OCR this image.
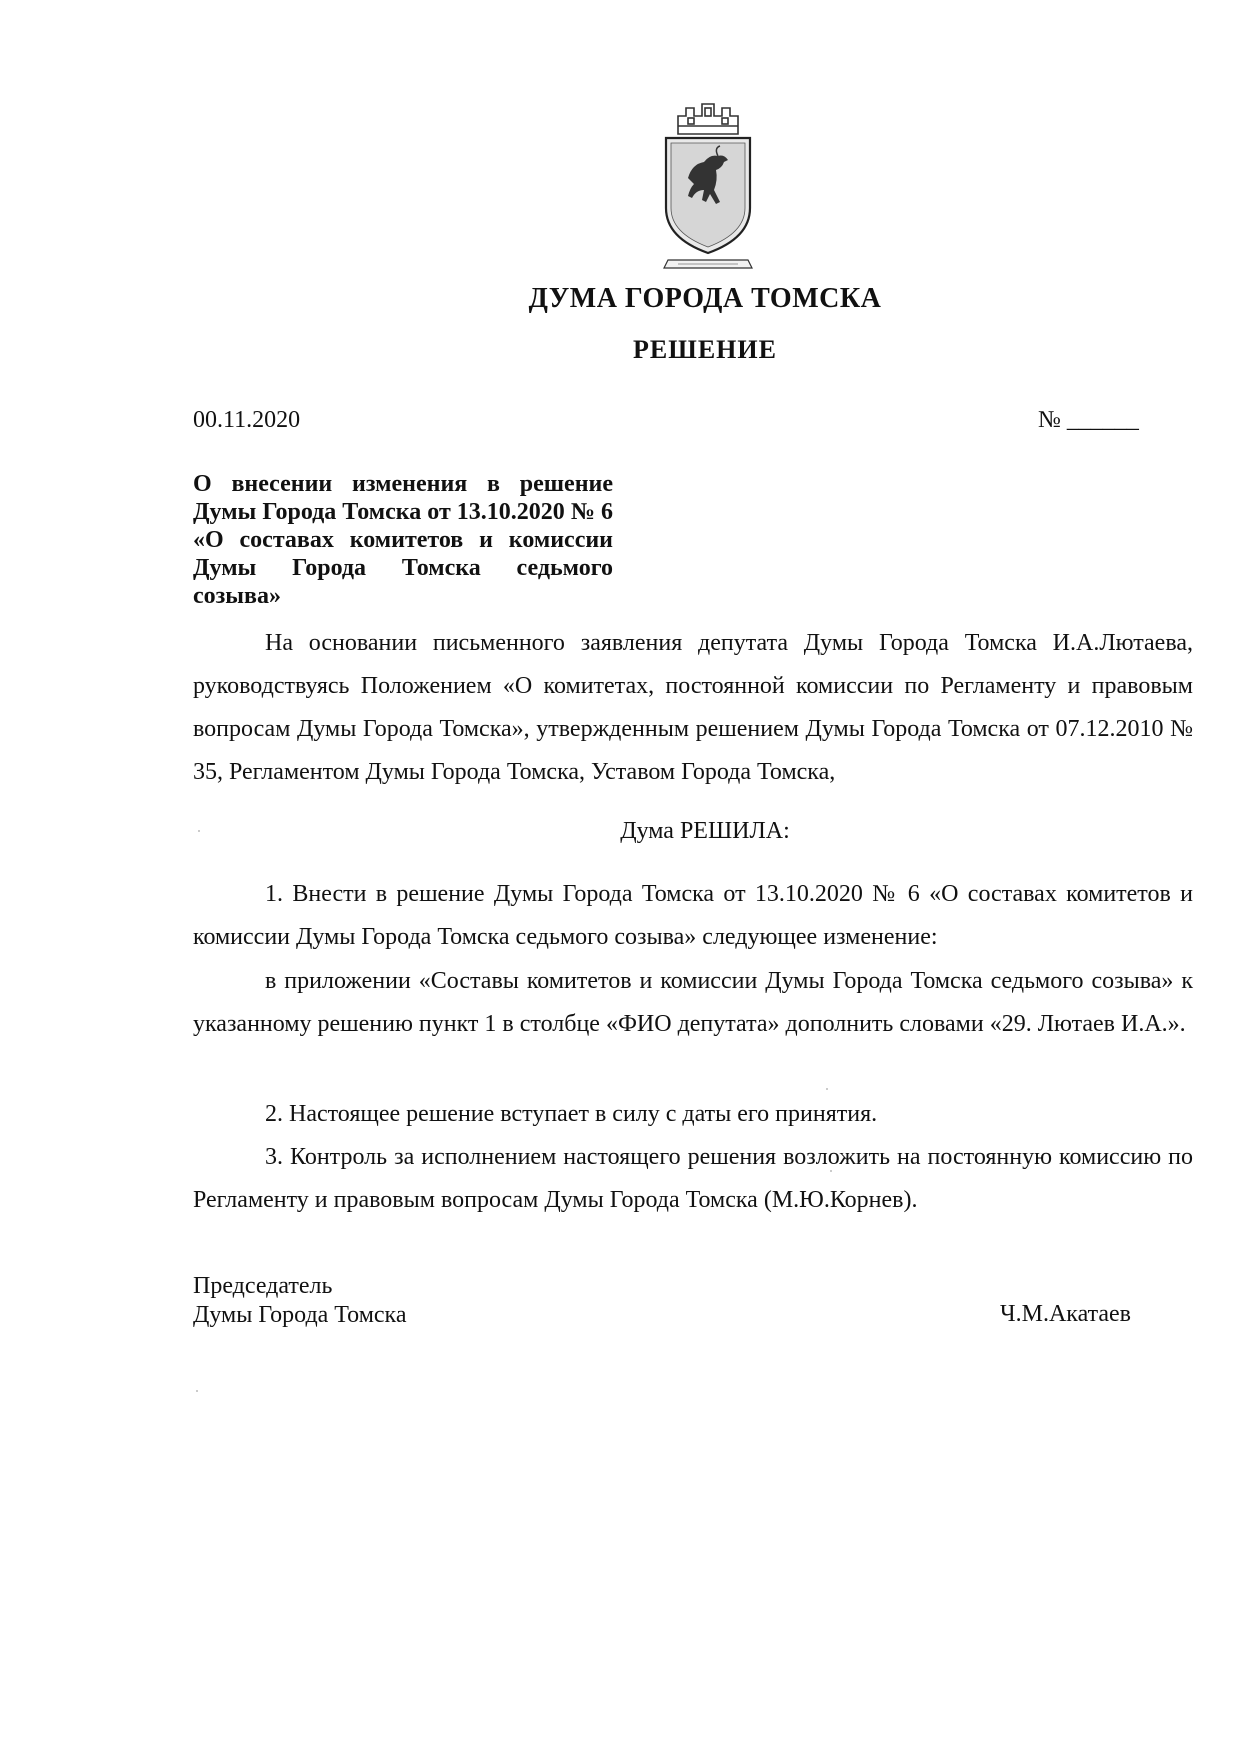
ДУМА ГОРОДА ТОМСКА
РЕШЕНИЕ
00.11.2020	№ ______
О внесении изменения в решение Думы Города Томска от 13.10.2020 № 6 «О составах комитетов и комиссии Думы Города Томска седьмого созыва»
На основании письменного заявления депутата Думы Города Томска И.А.Лютаева, руководствуясь Положением «О комитетах, постоянной комиссии по Регламенту и правовым вопросам Думы Города Томска», утвержденным решением Думы Города Томска от 07.12.2010 № 35, Регламентом Думы Города Томска, Уставом Города Томска,
Дума РЕШИЛА:
1. Внести в решение Думы Города Томска от 13.10.2020 № 6 «О составах комитетов и комиссии Думы Города Томска седьмого созыва» следующее изменение:
в приложении «Составы комитетов и комиссии Думы Города Томска седьмого созыва» к указанному решению пункт 1 в столбце «ФИО депутата» дополнить словами «29. Лютаев И.А.».
2. Настоящее решение вступает в силу с даты его принятия.
3. Контроль за исполнением настоящего решения возложить на постоянную комиссию по Регламенту и правовым вопросам Думы Города Томска (М.Ю.Корнев).
Председатель
Думы Города Томска	Ч.М.Акатаев
